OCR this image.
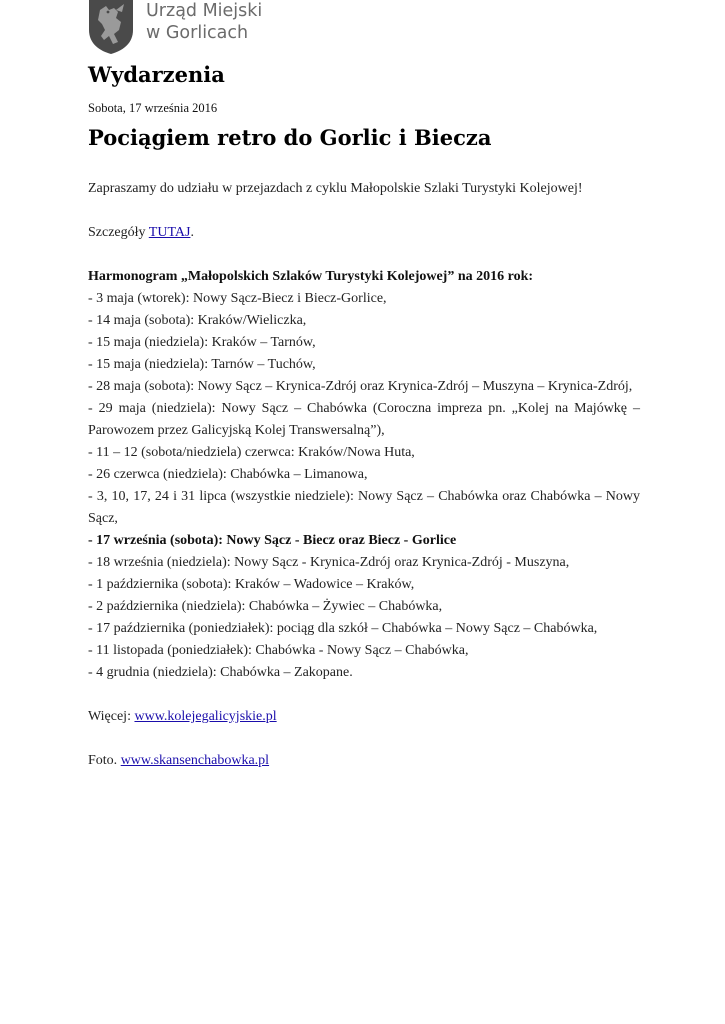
Urząd Miejski
w Gorlicach
Wydarzenia
Sobota, 17 września 2016
Pociągiem retro do Gorlic i Biecza

Zapraszamy do udziału w przejazdach z cyklu Małopolskie Szlaki Turystyki Kolejowej!

Szczegóły TUTAJ.

Harmonogram „Małopolskich Szlaków Turystyki Kolejowej” na 2016 rok:

- 3 maja (wtorek): Nowy Sącz-Biecz i Biecz-Gorlice,

- 14 maja (sobota): Kraków/Wieliczka,

- 15 maja (niedziela): Kraków – Tarnów,

- 15 maja (niedziela): Tarnów – Tuchów,

- 28 maja (sobota): Nowy Sącz – Krynica-Zdrój oraz Krynica-Zdrój – Muszyna – Krynica-Zdrój,

- 29 maja (niedziela): Nowy Sącz – Chabówka (Coroczna impreza pn. „Kolej na Majówkę – Parowozem przez Galicyjską Kolej Transwersalną”),

- 11 – 12 (sobota/niedziela) czerwca: Kraków/Nowa Huta,

- 26 czerwca (niedziela): Chabówka – Limanowa,

- 3, 10, 17, 24 i 31 lipca (wszystkie niedziele): Nowy Sącz – Chabówka oraz Chabówka – Nowy Sącz,

- 17 września (sobota): Nowy Sącz - Biecz oraz Biecz - Gorlice

- 18 września (niedziela): Nowy Sącz - Krynica-Zdrój oraz Krynica-Zdrój - Muszyna,

- 1 października (sobota): Kraków – Wadowice – Kraków,

- 2 października (niedziela): Chabówka – Żywiec – Chabówka,

- 17 października (poniedziałek): pociąg dla szkół – Chabówka – Nowy Sącz – Chabówka,

- 11 listopada (poniedziałek): Chabówka - Nowy Sącz – Chabówka,

- 4 grudnia (niedziela): Chabówka – Zakopane.

Więcej: www.kolejegalicyjskie.pl

Foto. www.skansenchabowka.pl
